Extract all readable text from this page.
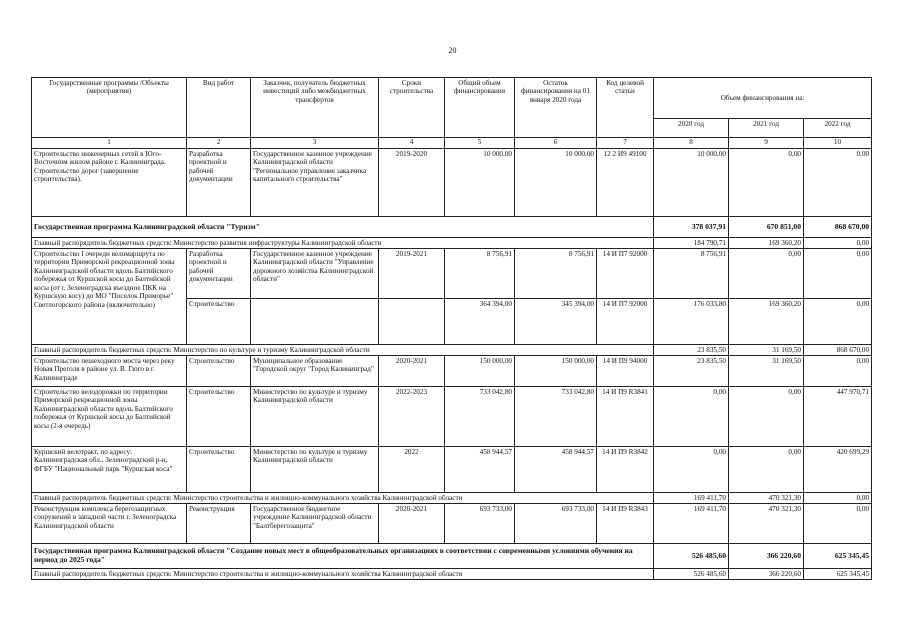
20
Государственные программы /Объекты (мероприятия)	Вид работ	Заказчик, получатель бюджетных инвестиций либо межбюджетных трансфертов	Сроки строительства	Общий объем финансирования	Остаток финансирования на 01 января 2020 года	Код целевой статьи	Объем финансирования на:		
							2020 год	2021 год	2022 год
1	2	3	4	5	6	7	8	9	10
Строительство инженерных сетей в Юго-Восточном жилом районе г. Калининграда. Строительство дорог (завершение строительства).	Разработка проектной и рабочей документации	Государственное казенное учреждение Калининградской области "Региональное управление заказчика капитального строительства"	2019-2020	10 000,00	10 000,00	12 2 И9 49100	10 000,00	0,00	0,00
Государственная программа Калининградской области "Туризм"							378 037,91	670 851,00	868 670,00
Главный распорядитель бюджетных средств: Министерство развития инфраструктуры Калининградской области							184 790,71	169 360,20	0,00
Строительство I очереди веломаршрута по территории Приморской рекреационной зоны Калининградской области вдоль Балтийского побережья от Куршской косы до Балтийской косы (от г. Зеленоградска въездное ПКК на Куршскую косу) до МО "Поселок Приморье" Светлогорского района (включительно)	Разработка проектной и рабочей документации	Государственное казенное учреждение Калининградской области "Управление дорожного хозяйства Калининградской области"	2019-2021	8 756,91	8 756,91	14 И П7 92000	8 756,91	0,00	0,00
	Строительство			364 394,00	345 394,00	14 И П7 92000	176 033,80	169 360,20	0,00
Главный распорядитель бюджетных средств: Министерство по культуре и туризму Калининградской области							23 835,50	31 169,50	868 670,00
Строительство пешеходного моста через реку Новая Преголя в районе ул. В. Гюго в г. Калининграде	Строительство	Муниципальное образование "Городской округ "Город Калининград"	2020-2021	150 000,00	150 000,00	14 И П9 94000	23 835,50	31 169,50	0,00
Строительство велодорожки по территории Приморской рекреационной зоны Калининградской области вдоль Балтийского побережья от Куршской косы до Балтийской косы (2-я очередь)	Строительство	Министерство по культуре и туризму Калининградской области	2022-2023	733 042,80	733 042,80	14 И П9 R3841	0,00	0,00	447 970,71
Куршский велотракт, по адресу: Калининградская обл., Зеленоградский р-н, ФГБУ "Национальный парк "Куршская коса"	Строительство	Министерство по культуре и туризму Калининградской области	2022	458 944,57	458 944,57	14 И П9 R3842	0,00	0,00	420 699,29
Главный распорядитель бюджетных средств: Министерство строительства и жилищно-коммунального хозяйства Калининградской области							169 411,70	470 321,30	0,00
Реконструкция комплекса берегозащитных сооружений в западной части г. Зеленоградска Калининградской области	Реконструкция	Государственное бюджетное учреждение Калининградской области "Балтберегозащита"	2020-2021	693 733,00	693 733,00	14 И П9 R3843	169 411,70	470 321,30	0,00
Государственная программа Калининградской области "Создание новых мест в общеобразовательных организациях в соответствии с современными условиями обучения на период до 2025 года"							526 485,60	366 220,60	625 345,45
Главный распорядитель бюджетных средств: Министерство строительства и жилищно-коммунального хозяйства Калининградской области							526 485,60	366 220,60	625 345,45
